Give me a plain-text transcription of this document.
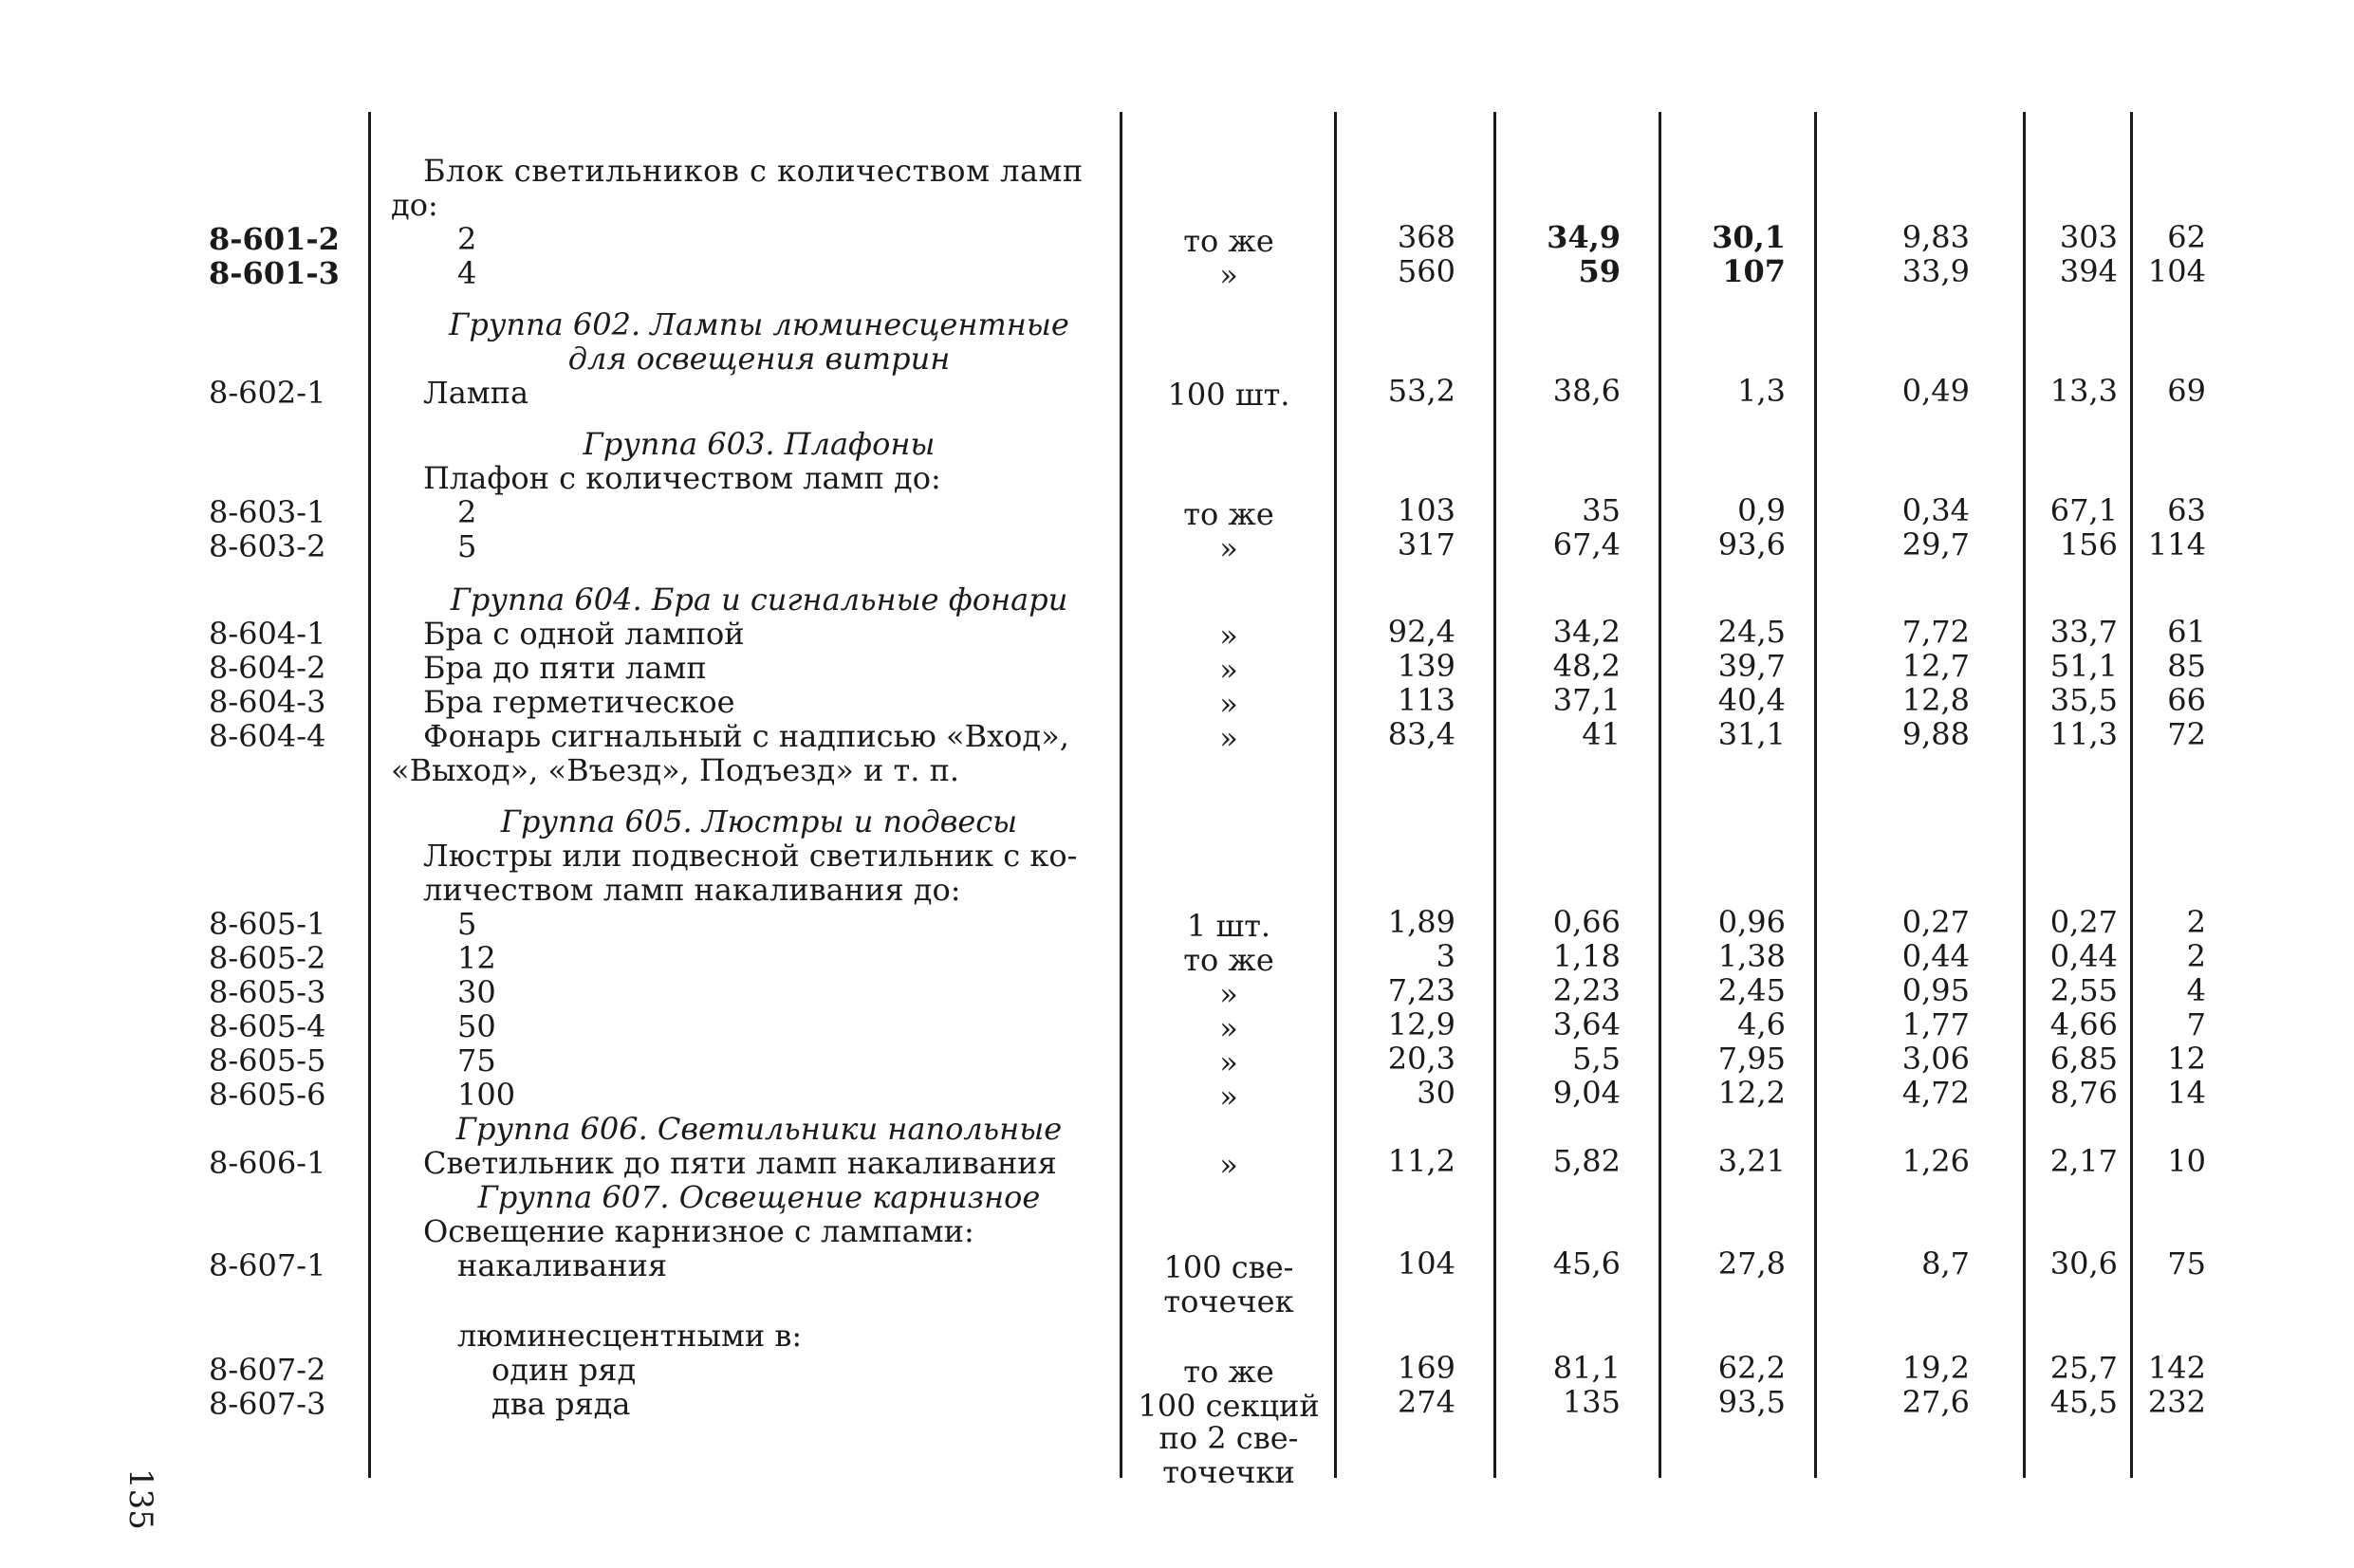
Блок светильников с количеством ламп
до:
8-601-2	2	то же	368	34,9	30,1	9,83	303	62
8-601-3	4	»	560	59	107	33,9	394 104
Группа 602. Лампы люминесцентные
для освещения витрин
8-602-1	Лампа	100 шт.	53,2	38,6	1,3	0,49	13,3	69
Группа 603. Плафоны
Плафон с количеством ламп до:
8-603-1	2	то же	103	35	0,9	0,34	67,1	63
8-603-2	5	»	317	67,4	93,6	29,7	156 114
Группа 604. Бра и сигнальные фонари
8-604-1	Бра с одной лампой	»	92,4	34,2	24,5	7,72	33,7	61
8-604-2	Бра до пяти ламп	»	139	48,2	39,7	12,7	51,1	85
8-604-3	Бра герметическое	»	113	37,1	40,4	12,8	35,5	66
8-604-4	Фонарь сигнальный с надписью «Вход»,	»	83,4	41	31,1	9,88	11,3	72
«Выход», «Въезд», Подъезд» и т. п.
Группа 605. Люстры и подвесы
Люстры или подвесной светильник с ко-
личеством ламп накаливания до:
8-605-1	5	1 шт.	1,89	0,66	0,96	0,27	0,27	2
8-605-2	12	то же	3	1,18	1,38	0,44	0,44	2
8-605-3	30	»	7,23	2,23	2,45	0,95	2,55	4
8-605-4	50	»	12,9	3,64	4,6	1,77	4,66	7
8-605-5	75	»	20,3	5,5	7,95	3,06	6,85	12
8-605-6	100	»	30	9,04	12,2	4,72	8,76	14
Группа 606. Светильники напольные
8-606-1	Светильник до пяти ламп накаливания	»	11,2	5,82	3,21	1,26	2,17	10
Группа 607. Освещение карнизное
Освещение карнизное с лампами:
8-607-1	накаливания	100 све-	104	45,6	27,8	8,7	30,6	75
точечек
люминесцентными в:
8-607-2	один ряд	то же	169	81,1	62,2	19,2	25,7 142
8-607-3	два ряда	100 секций	274	135	93,5	27,6	45,5 232
по 2 све-
точечки
135
